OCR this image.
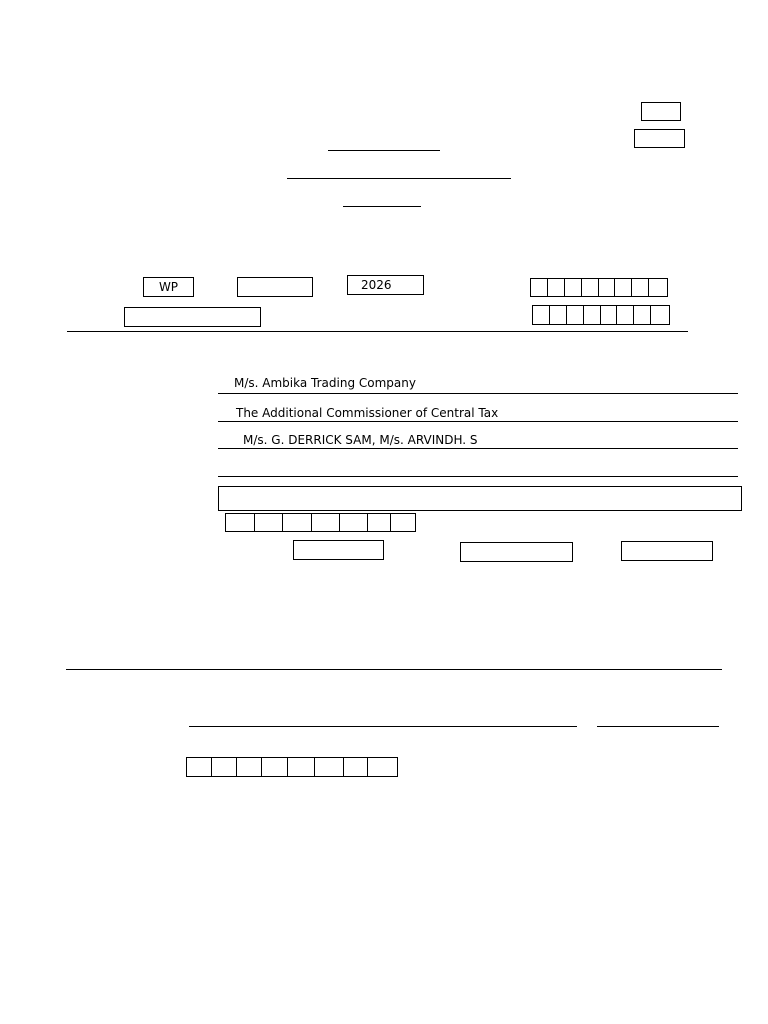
WP	2026
M/s. Ambika Trading Company
The Additional Commissioner of Central Tax
M/s. G. DERRICK SAM, M/s. ARVINDH. S
